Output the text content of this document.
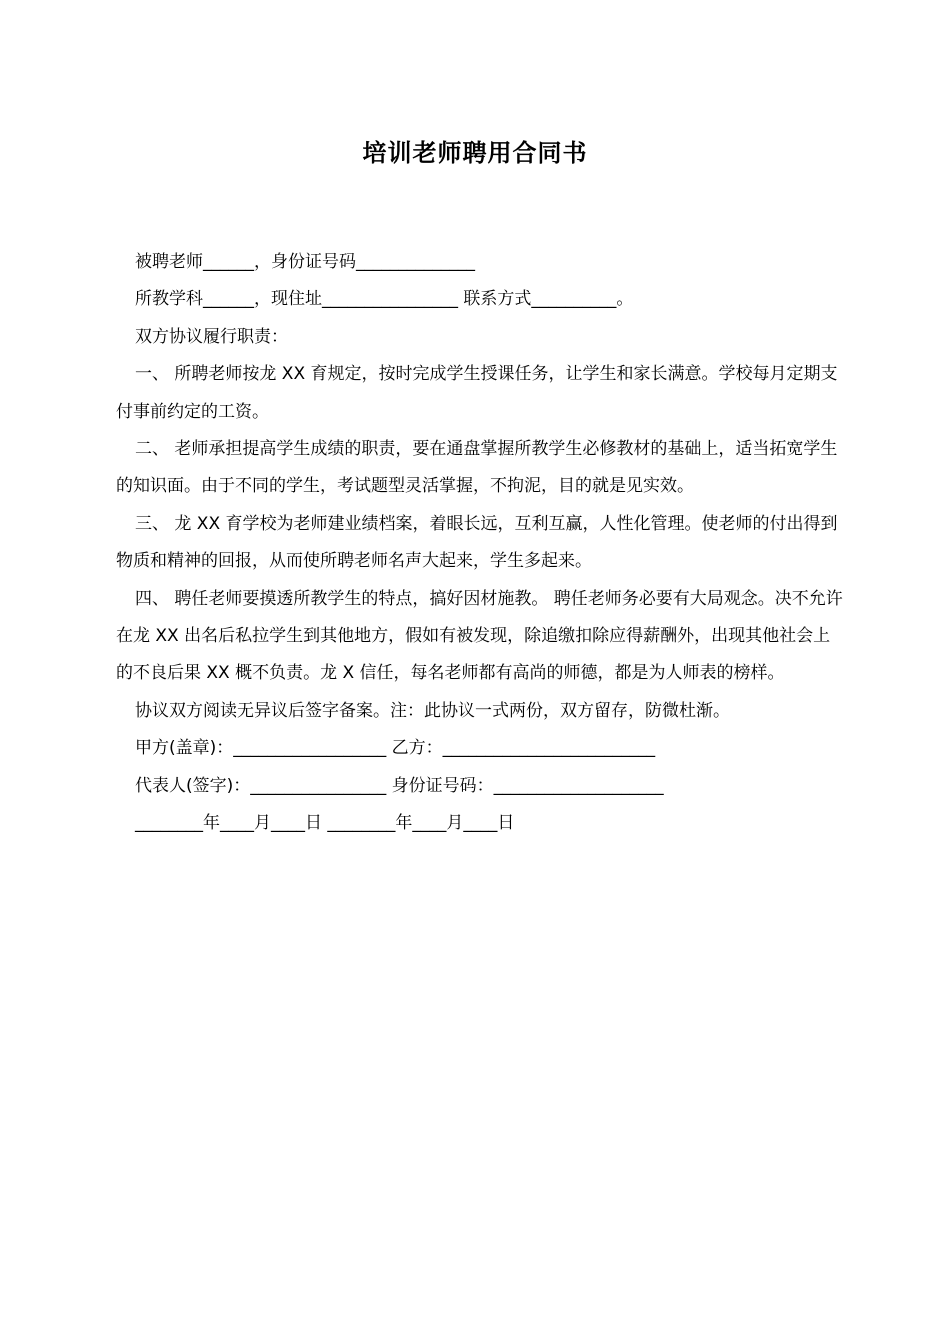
培训老师聘用合同书

被聘老师______，身份证号码______________

所教学科______，现住址________________ 联系方式__________。

双方协议履行职责：

一、 所聘老师按龙 XX 育规定，按时完成学生授课任务，让学生和家长满意。学校每月定期支付事前约定的工资。

二、 老师承担提高学生成绩的职责，要在通盘掌握所教学生必修教材的基础上，适当拓宽学生的知识面。由于不同的学生，考试题型灵活掌握，不拘泥，目的就是见实效。

三、 龙 XX 育学校为老师建业绩档案，着眼长远，互利互赢，人性化管理。使老师的付出得到物质和精神的回报，从而使所聘老师名声大起来，学生多起来。

四、 聘任老师要摸透所教学生的特点，搞好因材施教。 聘任老师务必要有大局观念。决不允许在龙 XX 出名后私拉学生到其他地方，假如有被发现，除追缴扣除应得薪酬外，出现其他社会上的不良后果 XX 概不负责。龙 X 信任，每名老师都有高尚的师德，都是为人师表的榜样。

协议双方阅读无异议后签字备案。注：此协议一式两份，双方留存，防微杜渐。

甲方(盖章)：__________________ 乙方：_________________________

代表人(签字)：________________ 身份证号码：____________________

________年____月____日 ________年____月____日
